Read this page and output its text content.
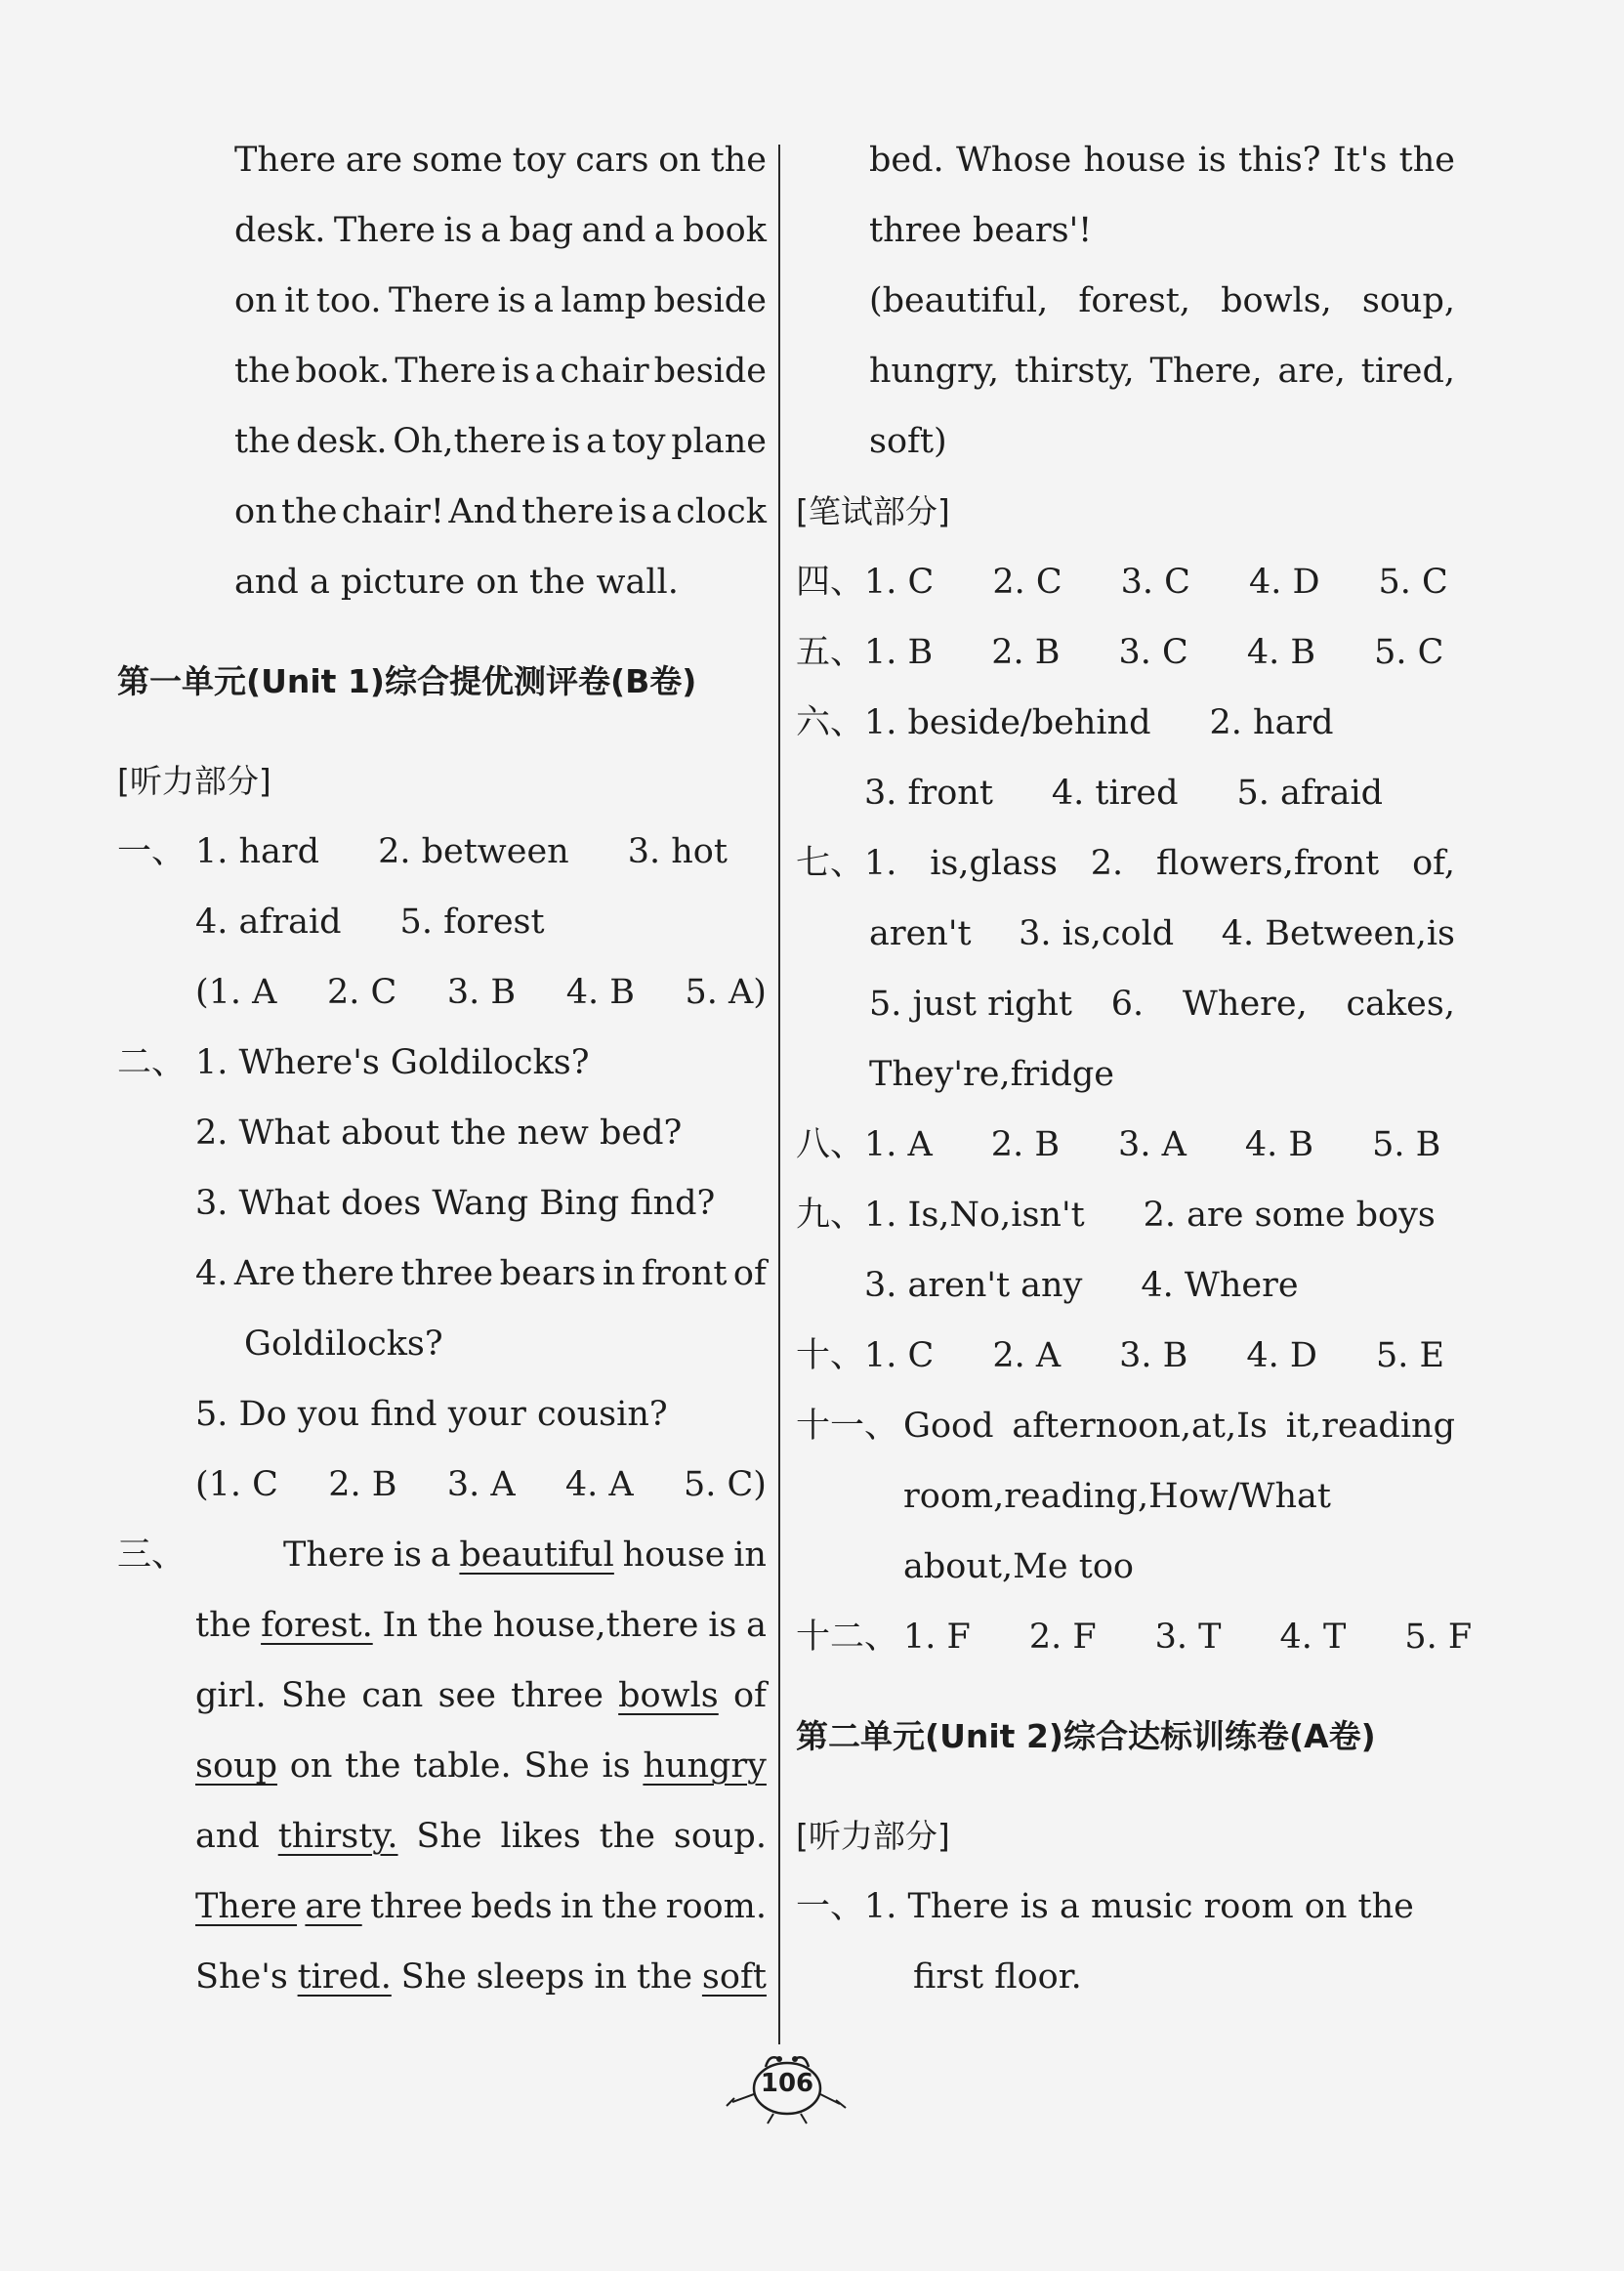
There are some toy cars on the
desk. There is a bag and a book
on it too. There is a lamp beside
the book. There is a chair beside
the desk. Oh,there is a toy plane
on the chair! And there is a clock
and a picture on the wall.
第一单元(Unit 1)综合提优测评卷(B卷)
[听力部分]
一、 1. hard 2. between 3. hot
4. afraid 5. forest
(1. A 2. C 3. B 4. B 5. A)
二、 1. Where's Goldilocks?
2. What about the new bed?
3. What does Wang Bing find?
4. Are there three bears in front of
Goldilocks?
5. Do you find your cousin?
(1. C 2. B 3. A 4. A 5. C)
三、	There is a beautiful house in
the forest. In the house,there is a
girl. She can see three bowls of
soup on the table. She is hungry
and thirsty. She likes the soup.
There are three beds in the room.
She's tired. She sleeps in the soft
bed. Whose house is this? It's the
three bears'!
(beautiful, forest, bowls, soup,
hungry, thirsty, There, are, tired,
soft)
[笔试部分]
四、1. C 2. C 3. C 4. D 5. C
五、1. B 2. B 3. C 4. B 5. C
六、1. beside/behind 2. hard
3. front 4. tired 5. afraid
七、 1. is,glass 2. flowers,front of,
aren't 3. is,cold 4. Between,is
5. just right 6. Where, cakes,
They're,fridge
八、1. A 2. B 3. A 4. B 5. B
九、1. Is,No,isn't 2. are some boys
3. aren't any 4. Where
十、1. C 2. A 3. B 4. D 5. E
十一、 Good afternoon,at,Is it,reading
room,reading,How/What
about,Me too
十二、 1. F 2. F 3. T 4. T 5. F
第二单元(Unit 2)综合达标训练卷(A卷)
[听力部分]
一、1. There is a music room on the
first floor.
106
